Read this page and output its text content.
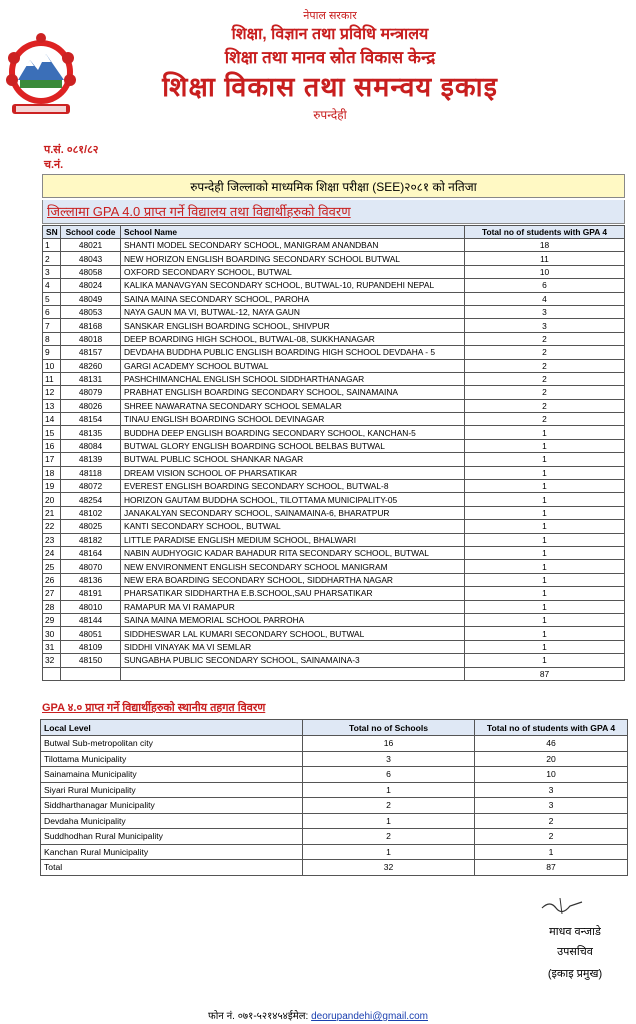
नेपाल सरकार
शिक्षा, विज्ञान तथा प्रविधि मन्त्रालय
शिक्षा तथा मानव स्रोत विकास केन्द्र
शिक्षा विकास तथा समन्वय इकाइ
रुपन्देही
प.सं. ०८१/८२
च.नं.
रुपन्देही जिल्लाको माध्यमिक शिक्षा परीक्षा (SEE)२०८१ को नतिजा
जिल्लामा GPA 4.0 प्राप्त गर्ने विद्यालय तथा विद्यार्थीहरुको विवरण
SN	School code	School Name	Total no of students with GPA 4
1	48021	SHANTI MODEL SECONDARY SCHOOL, MANIGRAM ANANDBAN	18
2	48043	NEW HORIZON ENGLISH BOARDING SECONDARY SCHOOL BUTWAL	11
3	48058	OXFORD SECONDARY SCHOOL, BUTWAL	10
4	48024	KALIKA MANAVGYAN SECONDARY SCHOOL, BUTWAL-10, RUPANDEHI NEPAL	6
5	48049	SAINA MAINA SECONDARY SCHOOL, PAROHA	4
6	48053	NAYA GAUN MA VI, BUTWAL-12, NAYA GAUN	3
7	48168	SANSKAR ENGLISH BOARDING SCHOOL, SHIVPUR	3
8	48018	DEEP BOARDING HIGH SCHOOL, BUTWAL-08, SUKKHANAGAR	2
9	48157	DEVDAHA BUDDHA PUBLIC ENGLISH BOARDING HIGH SCHOOL DEVDAHA - 5	2
10	48260	GARGI ACADEMY SCHOOL BUTWAL	2
11	48131	PASHCHIMANCHAL ENGLISH SCHOOL SIDDHARTHANAGAR	2
12	48079	PRABHAT ENGLISH BOARDING SECONDARY SCHOOL, SAINAMAINA	2
13	48026	SHREE NAWARATNA SECONDARY SCHOOL SEMALAR	2
14	48154	TINAU ENGLISH BOARDING SCHOOL DEVINAGAR	2
15	48135	BUDDHA DEEP ENGLISH BOARDING SECONDARY SCHOOL, KANCHAN-5	1
16	48084	BUTWAL GLORY ENGLISH BOARDING SCHOOL BELBAS BUTWAL	1
17	48139	BUTWAL PUBLIC SCHOOL SHANKAR NAGAR	1
18	48118	DREAM VISION SCHOOL OF PHARSATIKAR	1
19	48072	EVEREST ENGLISH BOARDING SECONDARY SCHOOL, BUTWAL-8	1
20	48254	HORIZON GAUTAM BUDDHA SCHOOL, TILOTTAMA MUNICIPALITY-05	1
21	48102	JANAKALYAN SECONDARY SCHOOL, SAINAMAINA-6, BHARATPUR	1
22	48025	KANTI SECONDARY SCHOOL, BUTWAL	1
23	48182	LITTLE PARADISE ENGLISH MEDIUM SCHOOL, BHALWARI	1
24	48164	NABIN AUDHYOGIC KADAR BAHADUR RITA SECONDARY SCHOOL, BUTWAL	1
25	48070	NEW ENVIRONMENT ENGLISH SECONDARY SCHOOL MANIGRAM	1
26	48136	NEW ERA BOARDING SECONDARY SCHOOL, SIDDHARTHA NAGAR	1
27	48191	PHARSATIKAR SIDDHARTHA E.B.SCHOOL,SAU PHARSATIKAR	1
28	48010	RAMAPUR MA VI RAMAPUR	1
29	48144	SAINA MAINA MEMORIAL SCHOOL PARROHA	1
30	48051	SIDDHESWAR LAL KUMARI SECONDARY SCHOOL, BUTWAL	1
31	48109	SIDDHI VINAYAK MA VI SEMLAR	1
32	48150	SUNGABHA PUBLIC SECONDARY SCHOOL, SAINAMAINA-3	1
			87
GPA ४.० प्राप्त गर्ने विद्यार्थीहरुको स्थानीय तहगत विवरण
Local Level	Total no of Schools	Total no of students with GPA 4
Butwal Sub-metropolitan city	16	46
Tilottama Municipality	3	20
Sainamaina Municipality	6	10
Siyari Rural Municipality	1	3
Siddharthanagar Municipality	2	3
Devdaha Municipality	1	2
Suddhodhan Rural Municipality	2	2
Kanchan Rural Municipality	1	1
Total	32	87
माधव वन्जाडे
उपसचिव
(इकाइ प्रमुख)
फोन नं. ०७१-५२१४५४ईमेल: deorupandehi@gmail.com
